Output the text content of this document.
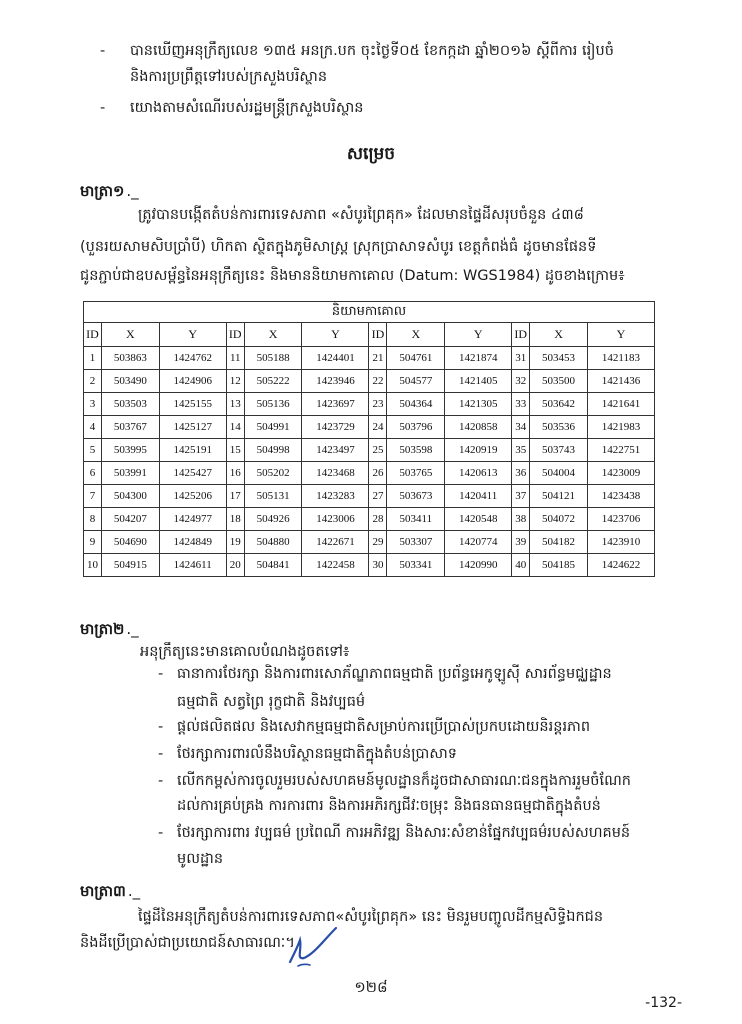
- បានឃើញអនុក្រឹត្យលេខ ១៣៥ អនក្រ.បក ចុះថ្ងៃទី០៥ ខែកក្កដា ឆ្នាំ២០១៦ ស្តីពីការ រៀបចំ
និងការប្រព្រឹត្តទៅរបស់ក្រសួងបរិស្ថាន
- យោងតាមសំណើរបស់រដ្ឋមន្ត្រីក្រសួងបរិស្ថាន
សម្រេច
មាត្រា១ ._
ត្រូវបានបង្កើតតំបន់ការពារទេសភាព «សំបូរព្រៃគុក» ដែលមានផ្ទៃដីសរុបចំនួន ៤៣៨
(បួនរយសាមសិបប្រាំបី) ហិកតា ស្ថិតក្នុងភូមិសាស្ត្រ ស្រុកប្រាសាទសំបូរ ខេត្តកំពង់ធំ ដូចមានផែនទី
ជូនភ្ជាប់ជាឧបសម្ព័ន្ធនៃអនុក្រឹត្យនេះ និងមាននិយាមកាគោល (Datum: WGS1984) ដូចខាងក្រោម៖
និយាមកាគោល											
ID	X	Y	ID	X	Y	ID	X	Y	ID	X	Y
1	503863	1424762	11	505188	1424401	21	504761	1421874	31	503453	1421183
2	503490	1424906	12	505222	1423946	22	504577	1421405	32	503500	1421436
3	503503	1425155	13	505136	1423697	23	504364	1421305	33	503642	1421641
4	503767	1425127	14	504991	1423729	24	503796	1420858	34	503536	1421983
5	503995	1425191	15	504998	1423497	25	503598	1420919	35	503743	1422751
6	503991	1425427	16	505202	1423468	26	503765	1420613	36	504004	1423009
7	504300	1425206	17	505131	1423283	27	503673	1420411	37	504121	1423438
8	504207	1424977	18	504926	1423006	28	503411	1420548	38	504072	1423706
9	504690	1424849	19	504880	1422671	29	503307	1420774	39	504182	1423910
10	504915	1424611	20	504841	1422458	30	503341	1420990	40	504185	1424622
មាត្រា២ ._
អនុក្រឹត្យនេះមានគោលបំណងដូចតទៅ៖
- ធានាការថែរក្សា និងការពារសោភ័ណ្ឌភាពធម្មជាតិ ប្រព័ន្ធអេកូឡូស៊ី សារព័ន្ធមជ្ឈដ្ឋាន
ធម្មជាតិ សត្វព្រៃ រុក្ខជាតិ និងវប្បធម៌
- ផ្តល់ផលិតផល និងសេវាកម្មធម្មជាតិសម្រាប់ការប្រើប្រាស់ប្រកបដោយនិរន្តរភាព
- ថែរក្សាការពារលំនឹងបរិស្ថានធម្មជាតិក្នុងតំបន់ប្រាសាទ
- លើកកម្ពស់ការចូលរួមរបស់សហគមន៍មូលដ្ឋានក៏ដូចជាសាធារណៈជនក្នុងការរួមចំណែក
ដល់ការគ្រប់គ្រង ការការពារ និងការអភិរក្សជីវៈចម្រុះ និងធនធានធម្មជាតិក្នុងតំបន់
- ថែរក្សាការពារ វប្បធម៌ ប្រពៃណី ការអភិវឌ្ឍ និងសារៈសំខាន់ផ្នែកវប្បធម៌របស់សហគមន៍
មូលដ្ឋាន
មាត្រា៣ ._
ផ្ទៃដីនៃអនុក្រឹត្យតំបន់ការពារទេសភាព«សំបូរព្រៃគុក» នេះ មិនរួមបញ្ចូលដីកម្មសិទ្ធិឯកជន
និងដីប្រើប្រាស់ជាប្រយោជន៍សាធារណៈ។
១២៨
-132-
